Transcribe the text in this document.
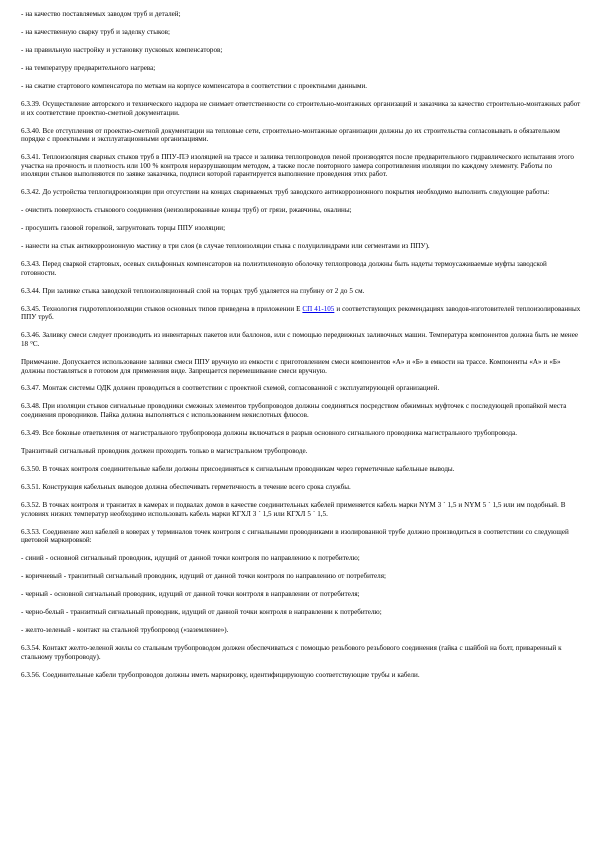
- на качество поставляемых заводом труб и деталей;

- на качественную сварку труб и заделку стыков;

- на правильную настройку и установку пусковых компенсаторов;

- на температуру предварительного нагрева;

- на сжатие стартового компенсатора по меткам на корпусе компенсатора в соответствии с проектными данными.

6.3.39. Осуществление авторского и технического надзора не снимает ответственности со строительно-монтажных организаций и заказчика за качество строительно-монтажных работ и их соответствие проектно-сметной документации.

6.3.40. Все отступления от проектно-сметной документации на тепловые сети, строительно-монтажные организации должны до их строительства согласовывать в обязательном порядке с проектными и эксплуатационными организациями.

6.3.41. Теплоизоляция сварных стыков труб в ППУ-ПЭ изоляцией на трассе и заливка теплопроводов пеной производятся после предварительного гидравлического испытания этого участка на прочность и плотность или 100 % контроля нераэрушающим методом, а также после повторного замера сопротивления изоляции по каждому элементу. Работы по изоляции стыков выполняются по заявке заказчика, подписи которой гарантируется выполнение проведения этих работ.

6.3.42. До устройства теплогидроизоляции при отсутствии на концах свариваемых труб заводского антикоррозионного покрытия необходимо выполнить следующие работы:

- очистить поверхность стыкового соединения (неизолированные концы труб) от грязи, ржавчины, окалины;

- просушить газовой горелкой, загрунтовать торцы ППУ изоляции;

- нанести на стык антикоррозионную мастику в три слоя (в случае теплоизоляции стыка с полуцилиндрами или сегментами из ППУ).

6.3.43. Перед сваркой стартовых, осевых сильфонных компенсаторов на полиэтиленовую оболочку теплопровода должны быть надеты термоусаживаемые муфты заводской готовности.

6.3.44. При заливке стыка заводской теплоизоляционный слой на торцах труб удаляется на глубину от 2 до 5 см.

6.3.45. Технология гидротеплоизоляции стыков основных типов приведена в приложении Е СП 41-105 и соответствующих рекомендациях заводов-изготовителей теплоизолированных ППУ труб.

6.3.46. Заливку смеси следует производить из инвентарных пакетов или баллонов, или с помощью передвижных заливочных машин. Температура компонентов должна быть не менее 18 °С.

Примечание. Допускается использование заливки смеси ППУ вручную из емкости с приготовлением смеси компонентов «А» и «Б» в емкости на трассе. Компоненты «А» и «Б» должны поставляться в готовом для применения виде. Запрещается перемешивание смеси вручную.

6.3.47. Монтаж системы ОДК должен проводиться в соответствии с проектной схемой, согласованной с эксплуатирующей организацией.

6.3.48. При изоляции стыков сигнальные проводники смежных элементов трубопроводов должны соединяться посредством обжимных муфточек с последующей пропайкой места соединения проводников. Пайка должна выполняться с использованием некислотных флюсов.

6.3.49. Все боковые ответвления от магистрального трубопровода должны включаться в разрыв основного сигнального проводника магистрального трубопровода.

Транзитный сигнальный проводник должен проходить только в магистральном трубопроводе.

6.3.50. В точках контроля соединительные кабели должны присоединяться к сигнальным проводникам через герметичные кабельные выводы.

6.3.51. Конструкция кабельных выводов должна обеспечивать герметичность в течение всего срока службы.

6.3.52. В точках контроля и транзитах в камерах и подвалах домов в качестве соединительных кабелей применяется кабель марки NYM 3 ´ 1,5 и NYM 5 ´ 1,5 или им подобный. В условиях низких температур необходимо использовать кабель марки КГХЛ 3 ´ 1,5 или КГХЛ 5 ´ 1,5.

6.3.53. Соединение жил кабелей в коверах у терминалов точек контроля с сигнальными проводниками в изолированной трубе должно производиться в соответствии со следующей цветовой маркировкой:

- синий - основной сигнальный проводник, идущий от данной точки контроля по направлению к потребителю;

- коричневый - транзитный сигнальный проводник, идущий от данной точки контроля по направлению от потребителя;

- черный - основной сигнальный проводник, идущий от данной точки контроля в направлении от потребителя;

- черно-белый - транзитный сигнальный проводник, идущий от данной точки контроля в направлении к потребителю;

- желто-зеленый - контакт на стальной трубопровод («заземление»).

6.3.54. Контакт желто-зеленой жилы со стальным трубопроводом должен обеспечиваться с помощью резьбового резьбового соединения (гайка с шайбой на болт, приваренный к стальному трубопроводу).

6.3.56. Соединительные кабели трубопроводов должны иметь маркировку, идентифицирующую соответствующие трубы и кабели.
